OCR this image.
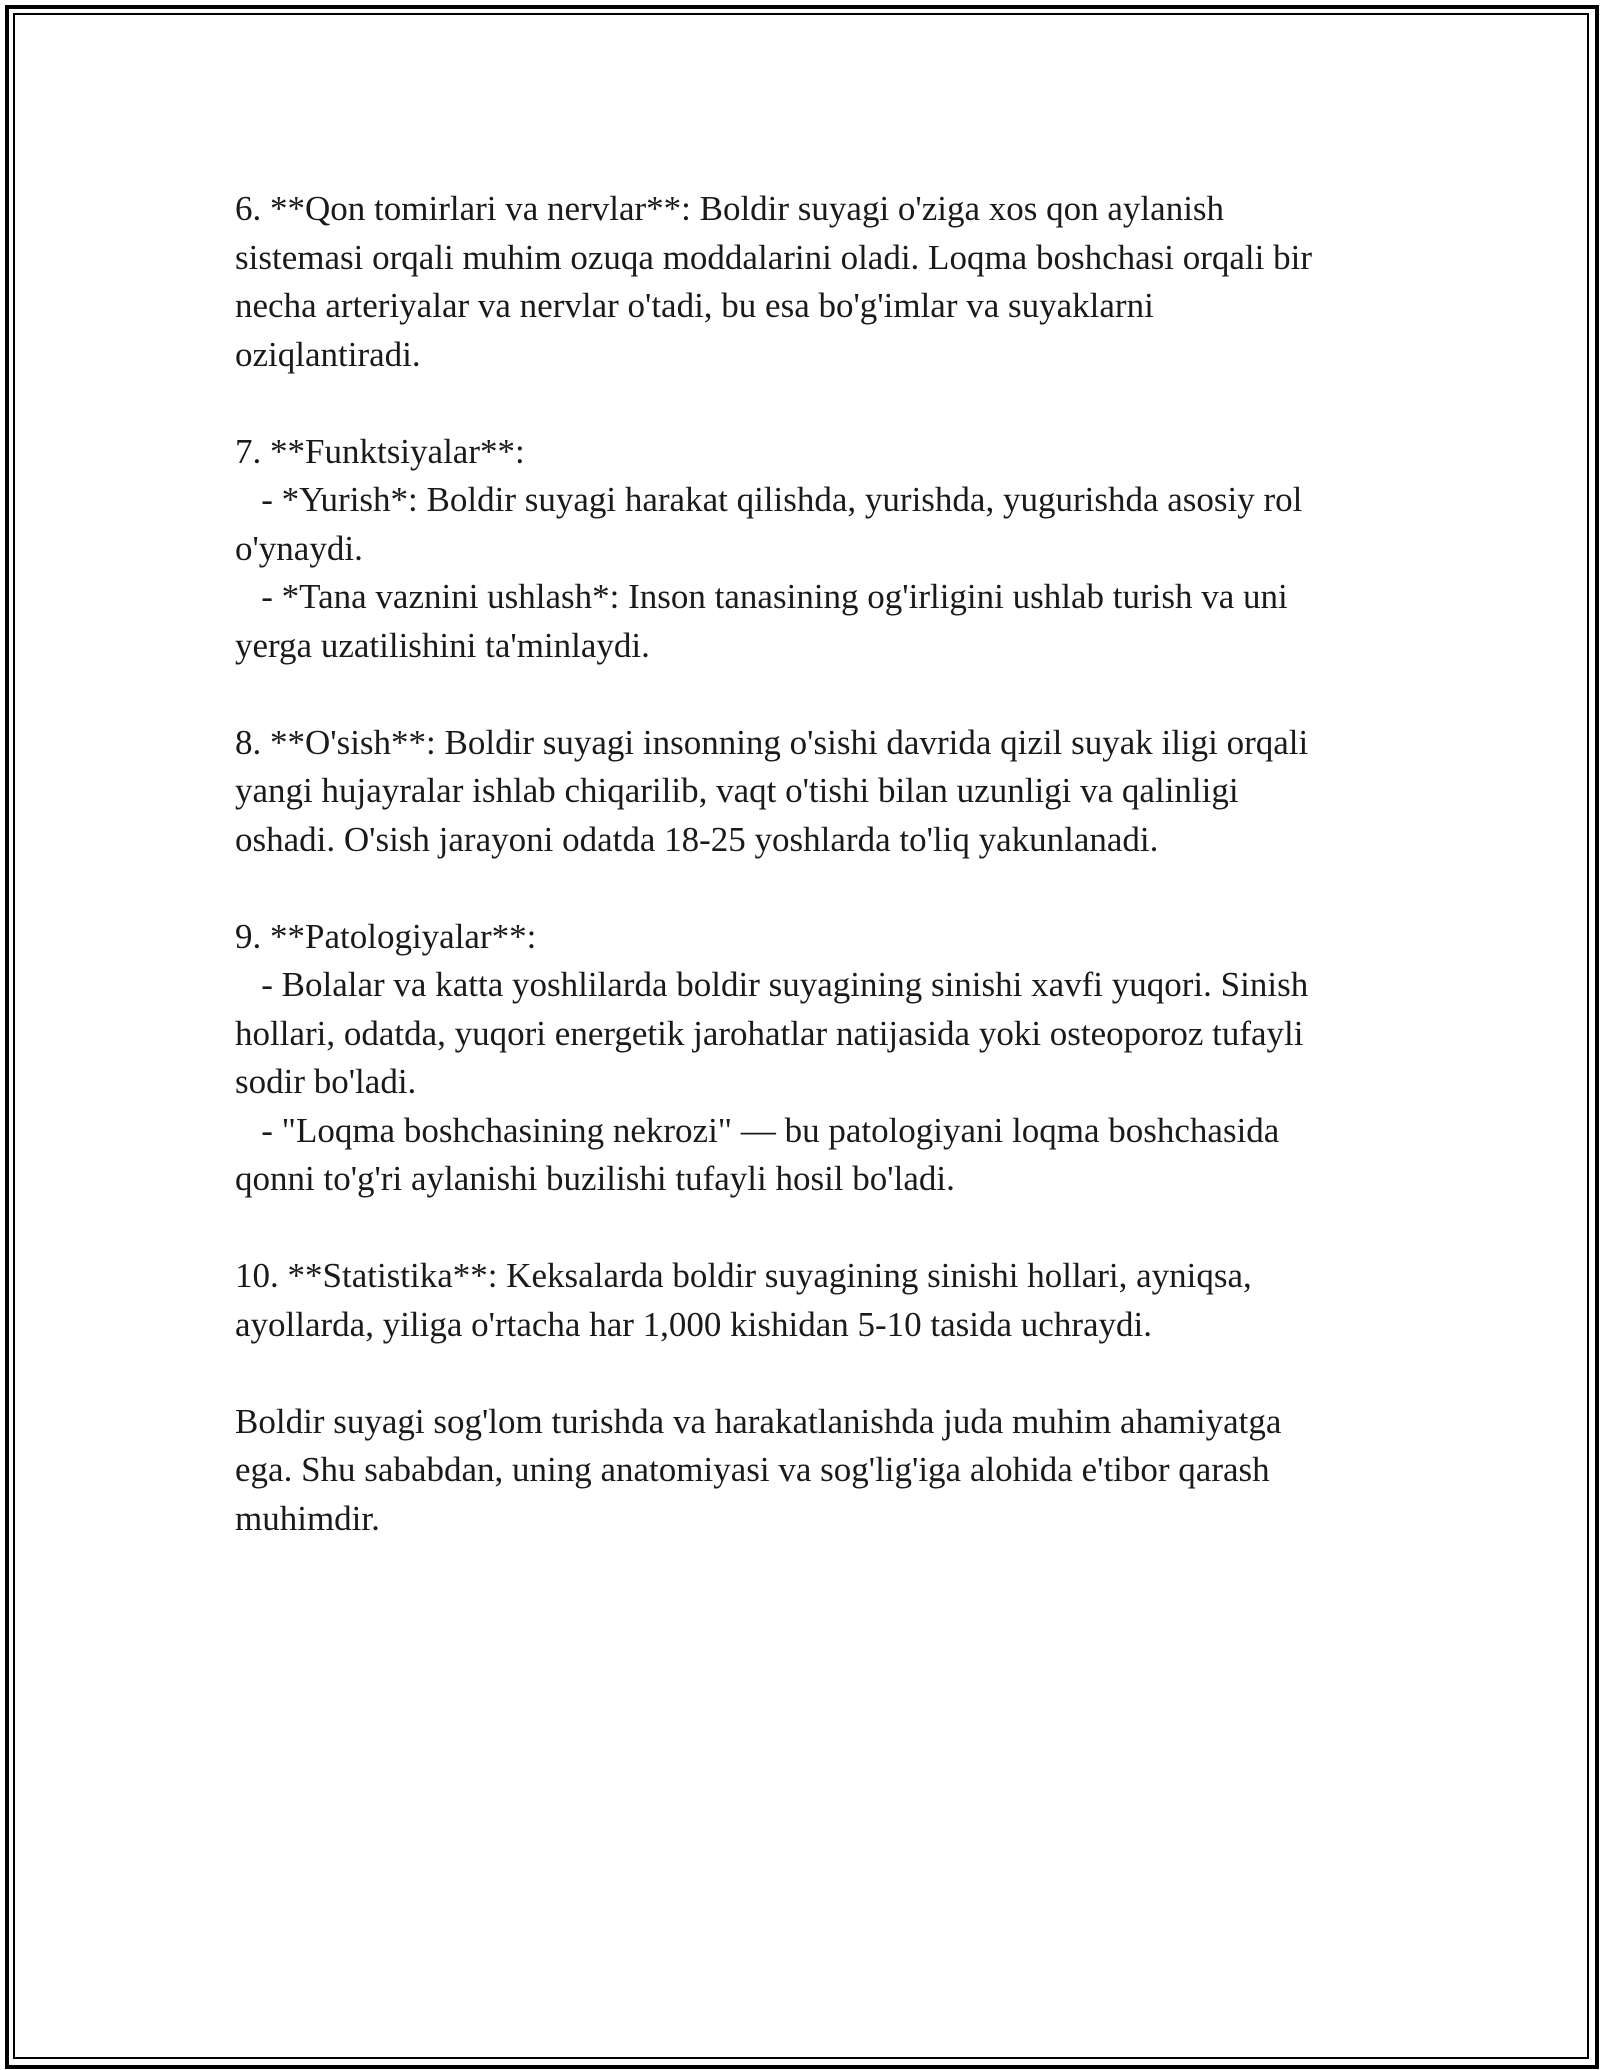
6. **Qon tomirlari va nervlar**: Boldir suyagi o'ziga xos qon aylanish
sistemasi orqali muhim ozuqa moddalarini oladi. Loqma boshchasi orqali bir
necha arteriyalar va nervlar o'tadi, bu esa bo'g'imlar va suyaklarni
oziqlantiradi.

7. **Funktsiyalar**:
- *Yurish*: Boldir suyagi harakat qilishda, yurishda, yugurishda asosiy rol
o'ynaydi.
- *Tana vaznini ushlash*: Inson tanasining og'irligini ushlab turish va uni
yerga uzatilishini ta'minlaydi.

8. **O'sish**: Boldir suyagi insonning o'sishi davrida qizil suyak iligi orqali
yangi hujayralar ishlab chiqarilib, vaqt o'tishi bilan uzunligi va qalinligi
oshadi. O'sish jarayoni odatda 18-25 yoshlarda to'liq yakunlanadi.

9. **Patologiyalar**:
- Bolalar va katta yoshlilarda boldir suyagining sinishi xavfi yuqori. Sinish
hollari, odatda, yuqori energetik jarohatlar natijasida yoki osteoporoz tufayli
sodir bo'ladi.
- "Loqma boshchasining nekrozi" — bu patologiyani loqma boshchasida
qonni to'g'ri aylanishi buzilishi tufayli hosil bo'ladi.

10. **Statistika**: Keksalarda boldir suyagining sinishi hollari, ayniqsa,
ayollarda, yiliga o'rtacha har 1,000 kishidan 5-10 tasida uchraydi.

Boldir suyagi sog'lom turishda va harakatlanishda juda muhim ahamiyatga
ega. Shu sababdan, uning anatomiyasi va sog'lig'iga alohida e'tibor qarash
muhimdir.
